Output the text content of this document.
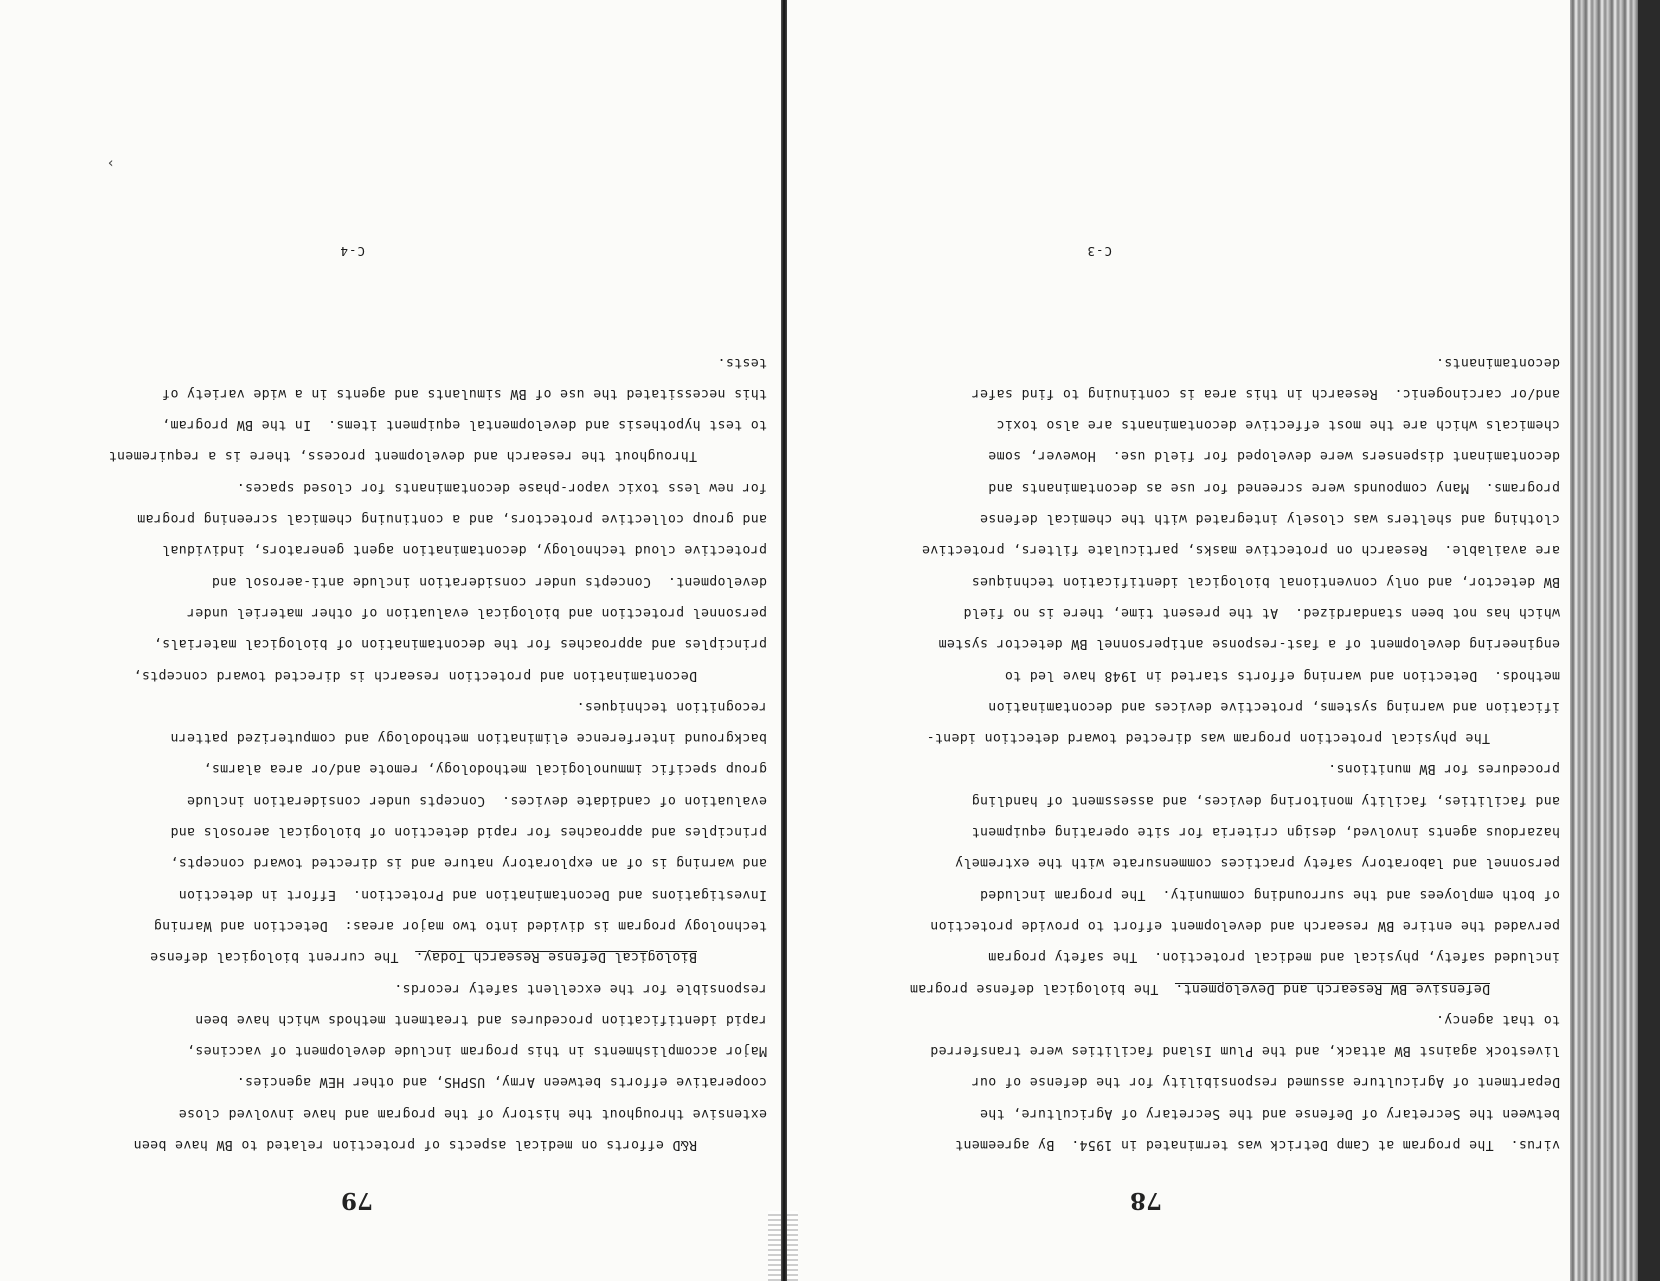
78
virus.  The program at Camp Detrick was terminated in 1954.  By agreement
between the Secretary of Defense and the Secretary of Agriculture, the
Department of Agriculture assumed responsibility for the defense of our
livestock against BW attack, and the Plum Island facilities were transferred
to that agency.
Defensive BW Research and Development.  The biological defense program
included safety, physical and medical protection.  The safety program
pervaded the entire BW research and development effort to provide protection
of both employees and the surrounding community.  The program included
personnel and laboratory safety practices commensurate with the extremely
hazardous agents involved, design criteria for site operating equipment
and facilities, facility monitoring devices, and assessment of handling
procedures for BW munitions.
The physical protection program was directed toward detection ident-
ification and warning systems, protective devices and decontamination
methods.  Detection and warning efforts started in 1948 have led to
engineering development of a fast-response antipersonnel BW detector system
which has not been standardized.  At the present time, there is no field
BW detector, and only conventional biological identification techniques
are available.  Research on protective masks, particulate filters, protective
clothing and shelters was closely integrated with the chemical defense
programs.  Many compounds were screened for use as decontaminants and
decontaminant dispensers were developed for field use.  However, some
chemicals which are the most effective decontaminants are also toxic
and/or carcinogenic.  Research in this area is continuing to find safer
decontaminants.
C-3
79
R&D efforts on medical aspects of protection related to BW have been
extensive throughout the history of the program and have involved close
cooperative efforts between Army, USPHS, and other HEW agencies.
Major accomplishments in this program include development of vaccines,
rapid identification procedures and treatment methods which have been
responsible for the excellent safety records.
Biological Defense Research Today.  The current biological defense
technology program is divided into two major areas:  Detection and Warning
Investigations and Decontamination and Protection.  Effort in detection
and warning is of an exploratory nature and is directed toward concepts,
principles and approaches for rapid detection of biological aerosols and
evaluation of candidate devices.  Concepts under consideration include
group specific immunological methodology, remote and/or area alarms,
background interference elimination methodology and computerized pattern
recognition techniques.
Decontamination and protection research is directed toward concepts,
principles and approaches for the decontamination of biological materials,
personnel protection and biological evaluation of other materiel under
development.  Concepts under consideration include anti-aerosol and
protective cloud technology, decontamination agent generators, individual
and group collective protectors, and a continuing chemical screening program
for new less toxic vapor-phase decontaminants for closed spaces.
Throughout the research and development process, there is a requirement
to test hypothesis and developmental equipment items.  In the BW program,
this necessitated the use of BW simulants and agents in a wide variety of
tests.
C-4
›
